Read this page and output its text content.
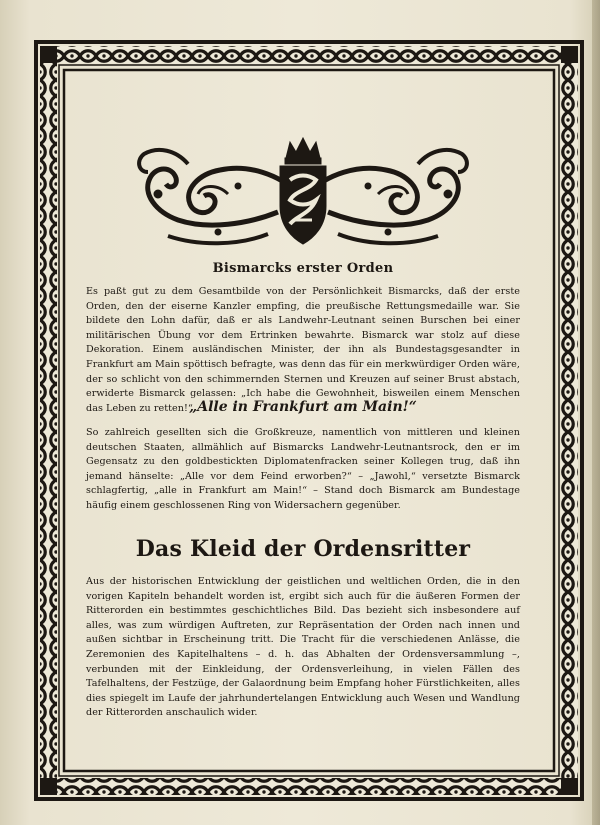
Bismarcks erster Orden
Es paßt gut zu dem Gesamtbilde von der Persönlichkeit Bismarcks, daß der erste Orden, den der eiserne Kanzler empfing, die preußische Rettungsmedaille war. Sie bildete den Lohn dafür, daß er als Landwehr-Leutnant seinen Burschen bei einer militärischen Übung vor dem Ertrinken bewahrte. Bismarck war stolz auf diese Dekoration. Einem ausländischen Minister, der ihn als Bundestagsgesandter in Frankfurt am Main spöttisch befragte, was denn das für ein merkwürdiger Orden wäre, der so schlicht von den schimmernden Sternen und Kreuzen auf seiner Brust abstach, erwiderte Bismarck gelassen: „Ich habe die Gewohnheit, bisweilen einem Menschen das Leben zu retten!“
„Alle in Frankfurt am Main!“
So zahlreich gesellten sich die Großkreuze, namentlich von mittleren und kleinen deutschen Staaten, allmählich auf Bismarcks Landwehr-Leutnantsrock, den er im Gegensatz zu den goldbestickten Diplomatenfracken seiner Kollegen trug, daß ihn jemand hänselte: „Alle vor dem Feind erworben?“ – „Jawohl,“ versetzte Bismarck schlagfertig, „alle in Frankfurt am Main!“ – Stand doch Bismarck am Bundestage häufig einem geschlossenen Ring von Widersachern gegenüber.
Das Kleid der Ordensritter
Aus der historischen Entwicklung der geistlichen und weltlichen Orden, die in den vorigen Kapiteln behandelt worden ist, ergibt sich auch für die äußeren Formen der Ritterorden ein bestimmtes geschichtliches Bild. Das bezieht sich insbesondere auf alles, was zum würdigen Auftreten, zur Repräsentation der Orden nach innen und außen sichtbar in Erscheinung tritt. Die Tracht für die verschiedenen Anlässe, die Zeremonien des Kapitelhaltens – d. h. das Abhalten der Ordensversammlung –, verbunden mit der Einkleidung, der Ordensverleihung, in vielen Fällen des Tafelhaltens, der Festzüge, der Galaordnung beim Empfang hoher Fürstlichkeiten, alles dies spiegelt im Laufe der jahrhundertelangen Entwicklung auch Wesen und Wandlung der Ritterorden anschaulich wider.
